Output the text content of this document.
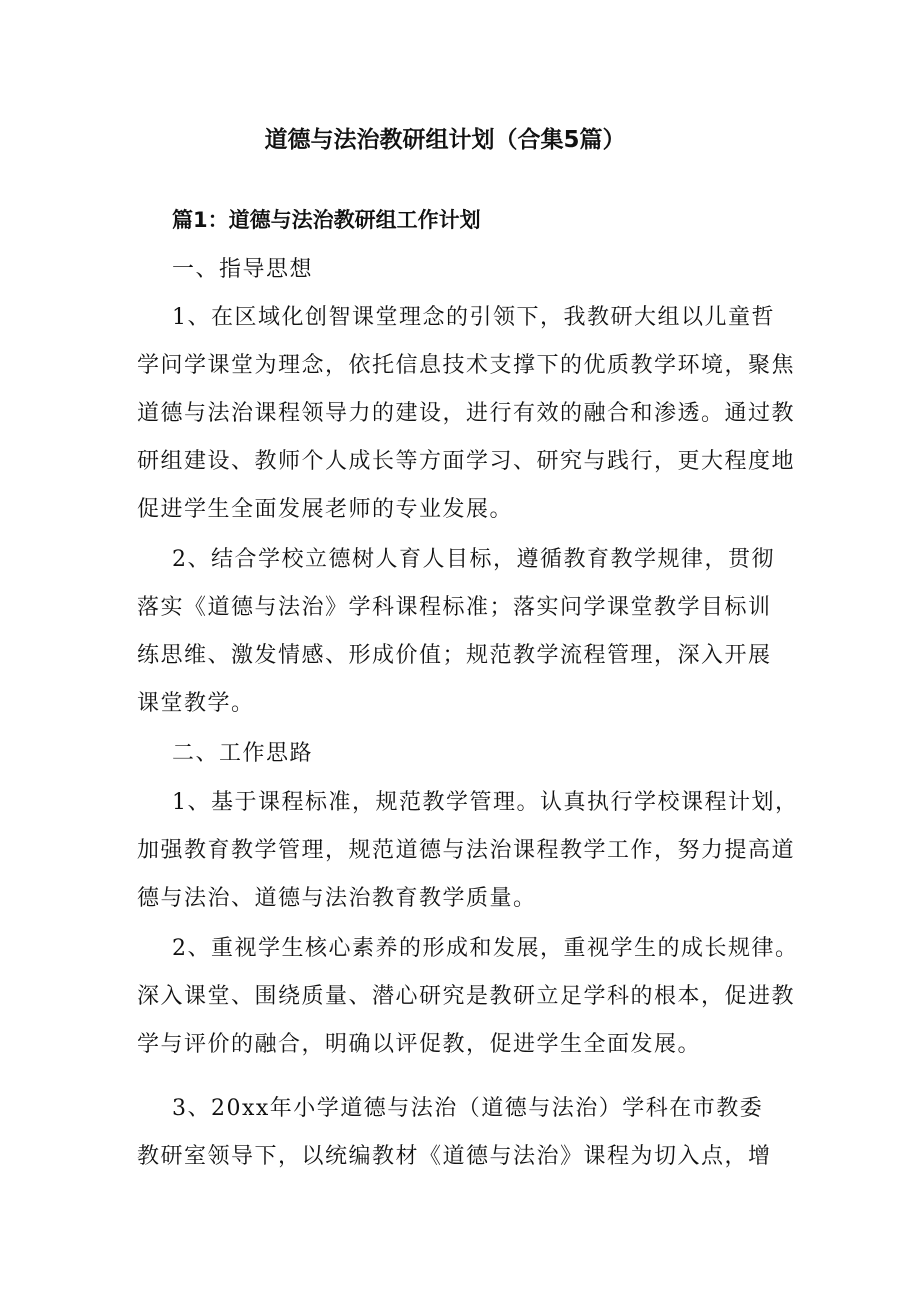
道德与法治教研组计划（合集5篇）
篇1：道德与法治教研组工作计划

一、指导思想

1、在区域化创智课堂理念的引领下，我教研大组以儿童哲

学问学课堂为理念，依托信息技术支撑下的优质教学环境，聚焦

道德与法治课程领导力的建设，进行有效的融合和渗透。通过教

研组建设、教师个人成长等方面学习、研究与践行，更大程度地

促进学生全面发展老师的专业发展。

2、结合学校立德树人育人目标，遵循教育教学规律，贯彻

落实《道德与法治》学科课程标准；落实问学课堂教学目标训

练思维、激发情感、形成价值；规范教学流程管理，深入开展

课堂教学。

二、工作思路

1、基于课程标准，规范教学管理。认真执行学校课程计划，

加强教育教学管理，规范道德与法治课程教学工作，努力提高道

德与法治、道德与法治教育教学质量。

2、重视学生核心素养的形成和发展，重视学生的成长规律。

深入课堂、围绕质量、潜心研究是教研立足学科的根本，促进教

学与评价的融合，明确以评促教，促进学生全面发展。

3、20xx年小学道德与法治（道德与法治）学科在市教委

教研室领导下，以统编教材《道德与法治》课程为切入点，增
